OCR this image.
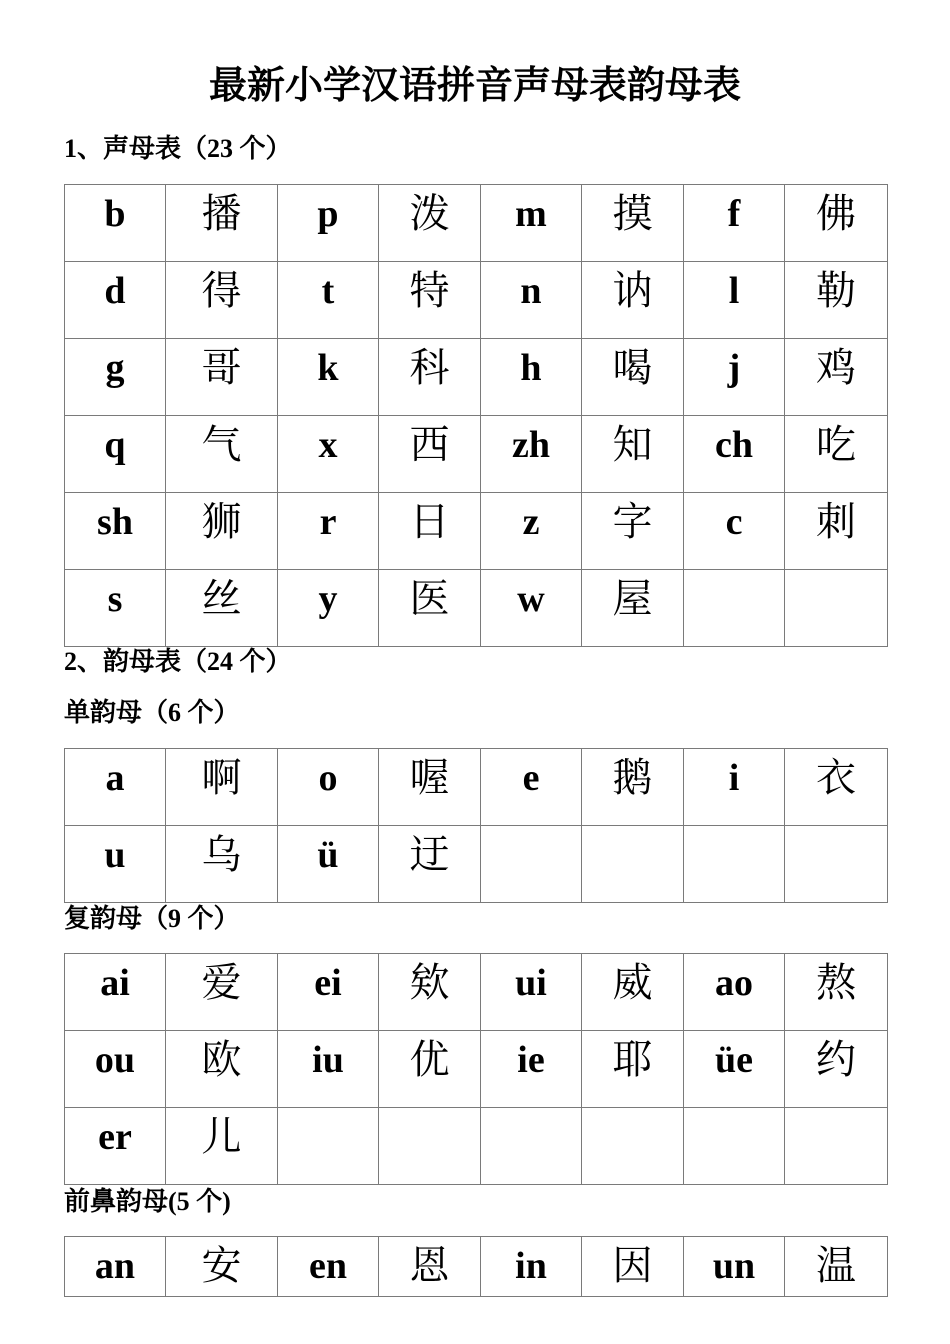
最新小学汉语拼音声母表韵母表
1、声母表（23 个）
b	播	p	泼	m	摸	f	佛
d	得	t	特	n	讷	l	勒
g	哥	k	科	h	喝	j	鸡
q	气	x	西	zh	知	ch	吃
sh	狮	r	日	z	字	c	刺
s	丝	y	医	w	屋		
2、韵母表（24 个）
单韵母（6 个）
a	啊	o	喔	e	鹅	i	衣
u	乌	ü	迂				
复韵母（9 个）
ai	爱	ei	欸	ui	威	ao	熬
ou	欧	iu	优	ie	耶	üe	约
er	儿						
前鼻韵母(5 个)
an	安	en	恩	in	因	un	温
